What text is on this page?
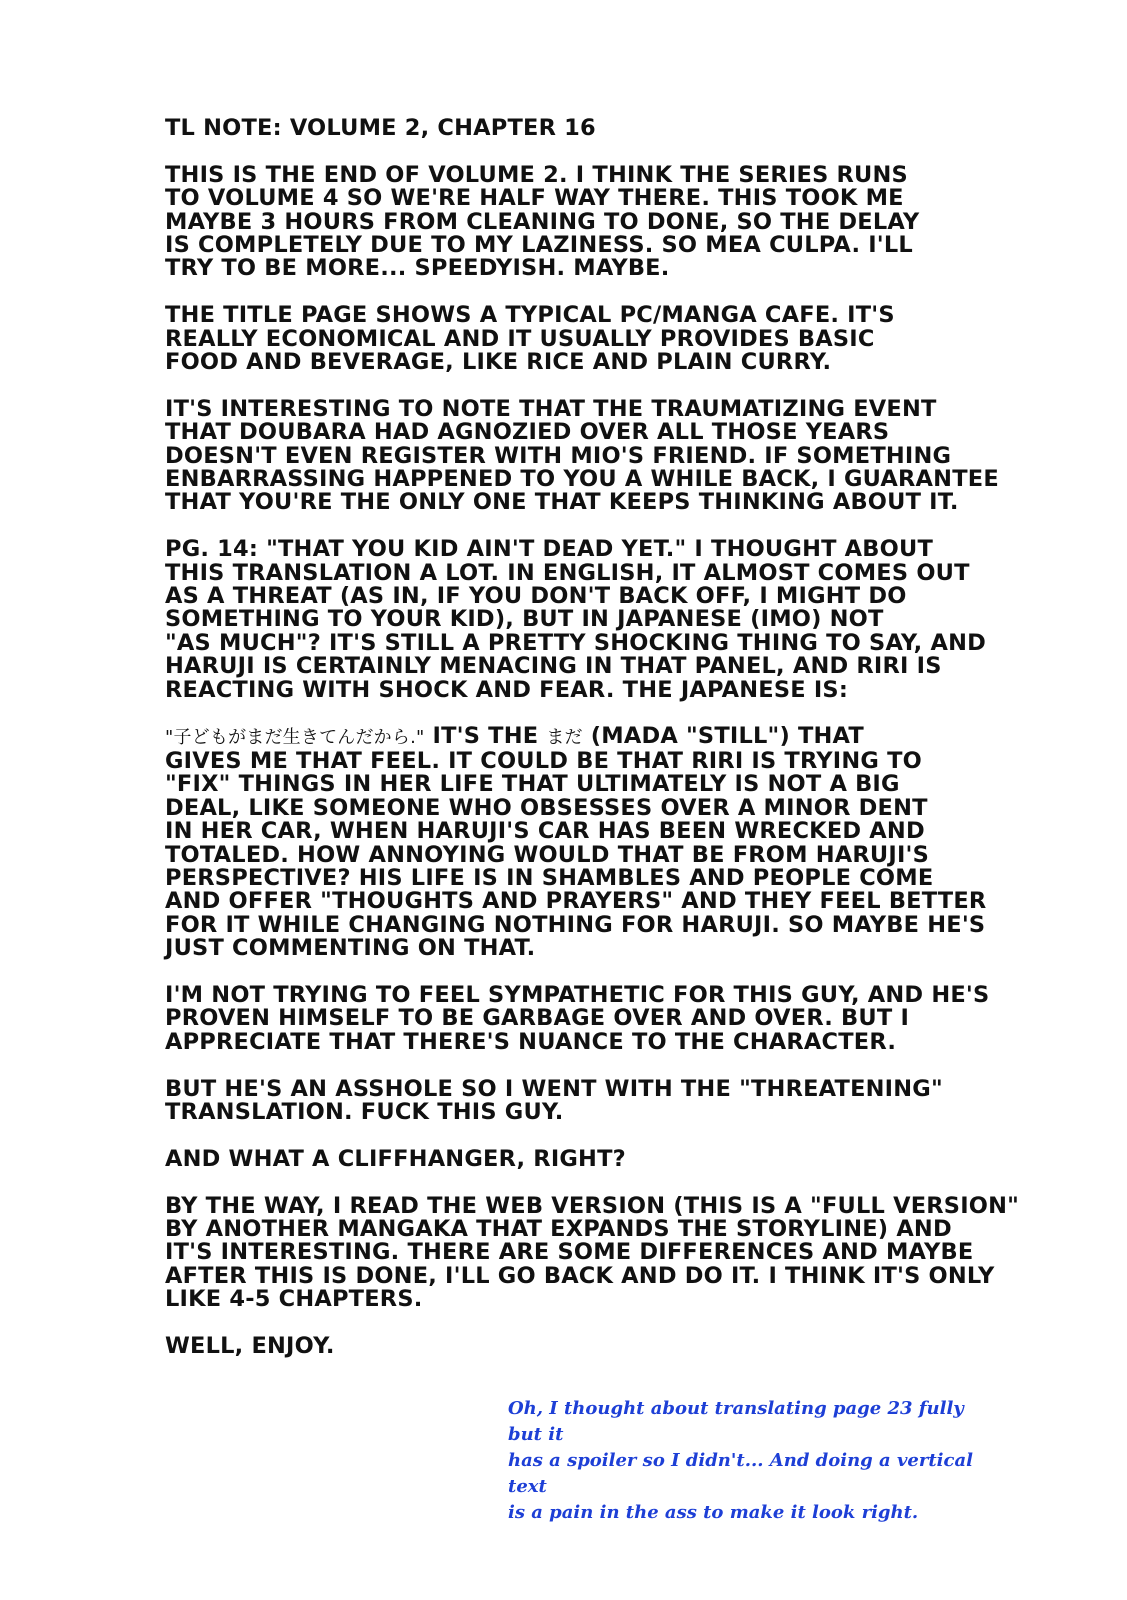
TL NOTE: VOLUME 2, CHAPTER 16

THIS IS THE END OF VOLUME 2. I THINK THE SERIES RUNS
TO VOLUME 4 SO WE'RE HALF WAY THERE. THIS TOOK ME
MAYBE 3 HOURS FROM CLEANING TO DONE, SO THE DELAY
IS COMPLETELY DUE TO MY LAZINESS. SO MEA CULPA. I'LL
TRY TO BE MORE... SPEEDYISH. MAYBE.

THE TITLE PAGE SHOWS A TYPICAL PC/MANGA CAFE. IT'S
REALLY ECONOMICAL AND IT USUALLY PROVIDES BASIC
FOOD AND BEVERAGE, LIKE RICE AND PLAIN CURRY.

IT'S INTERESTING TO NOTE THAT THE TRAUMATIZING EVENT
THAT DOUBARA HAD AGNOZIED OVER ALL THOSE YEARS
DOESN'T EVEN REGISTER WITH MIO'S FRIEND. IF SOMETHING
ENBARRASSING HAPPENED TO YOU A WHILE BACK, I GUARANTEE
THAT YOU'RE THE ONLY ONE THAT KEEPS THINKING ABOUT IT.

PG. 14: "THAT YOU KID AIN'T DEAD YET." I THOUGHT ABOUT
THIS TRANSLATION A LOT. IN ENGLISH, IT ALMOST COMES OUT
AS A THREAT (AS IN, IF YOU DON'T BACK OFF, I MIGHT DO
SOMETHING TO YOUR KID), BUT IN JAPANESE (IMO) NOT
"AS MUCH"? IT'S STILL A PRETTY SHOCKING THING TO SAY, AND
HARUJI IS CERTAINLY MENACING IN THAT PANEL, AND RIRI IS
REACTING WITH SHOCK AND FEAR. THE JAPANESE IS:

"子どもがまだ生きてんだから." IT'S THE まだ (MADA "STILL") THAT
GIVES ME THAT FEEL. IT COULD BE THAT RIRI IS TRYING TO
"FIX" THINGS IN HER LIFE THAT ULTIMATELY IS NOT A BIG
DEAL, LIKE SOMEONE WHO OBSESSES OVER A MINOR DENT
IN HER CAR, WHEN HARUJI'S CAR HAS BEEN WRECKED AND
TOTALED. HOW ANNOYING WOULD THAT BE FROM HARUJI'S
PERSPECTIVE? HIS LIFE IS IN SHAMBLES AND PEOPLE COME
AND OFFER "THOUGHTS AND PRAYERS" AND THEY FEEL BETTER
FOR IT WHILE CHANGING NOTHING FOR HARUJI. SO MAYBE HE'S
JUST COMMENTING ON THAT.

I'M NOT TRYING TO FEEL SYMPATHETIC FOR THIS GUY, AND HE'S
PROVEN HIMSELF TO BE GARBAGE OVER AND OVER. BUT I
APPRECIATE THAT THERE'S NUANCE TO THE CHARACTER.

BUT HE'S AN ASSHOLE SO I WENT WITH THE "THREATENING"
TRANSLATION. FUCK THIS GUY.

AND WHAT A CLIFFHANGER, RIGHT?

BY THE WAY, I READ THE WEB VERSION (THIS IS A "FULL VERSION"
BY ANOTHER MANGAKA THAT EXPANDS THE STORYLINE) AND
IT'S INTERESTING. THERE ARE SOME DIFFERENCES AND MAYBE
AFTER THIS IS DONE, I'LL GO BACK AND DO IT. I THINK IT'S ONLY
LIKE 4-5 CHAPTERS.

WELL, ENJOY.

Oh, I thought about translating page 23 fully but it
has a spoiler so I didn't... And doing a vertical text
is a pain in the ass to make it look right.
